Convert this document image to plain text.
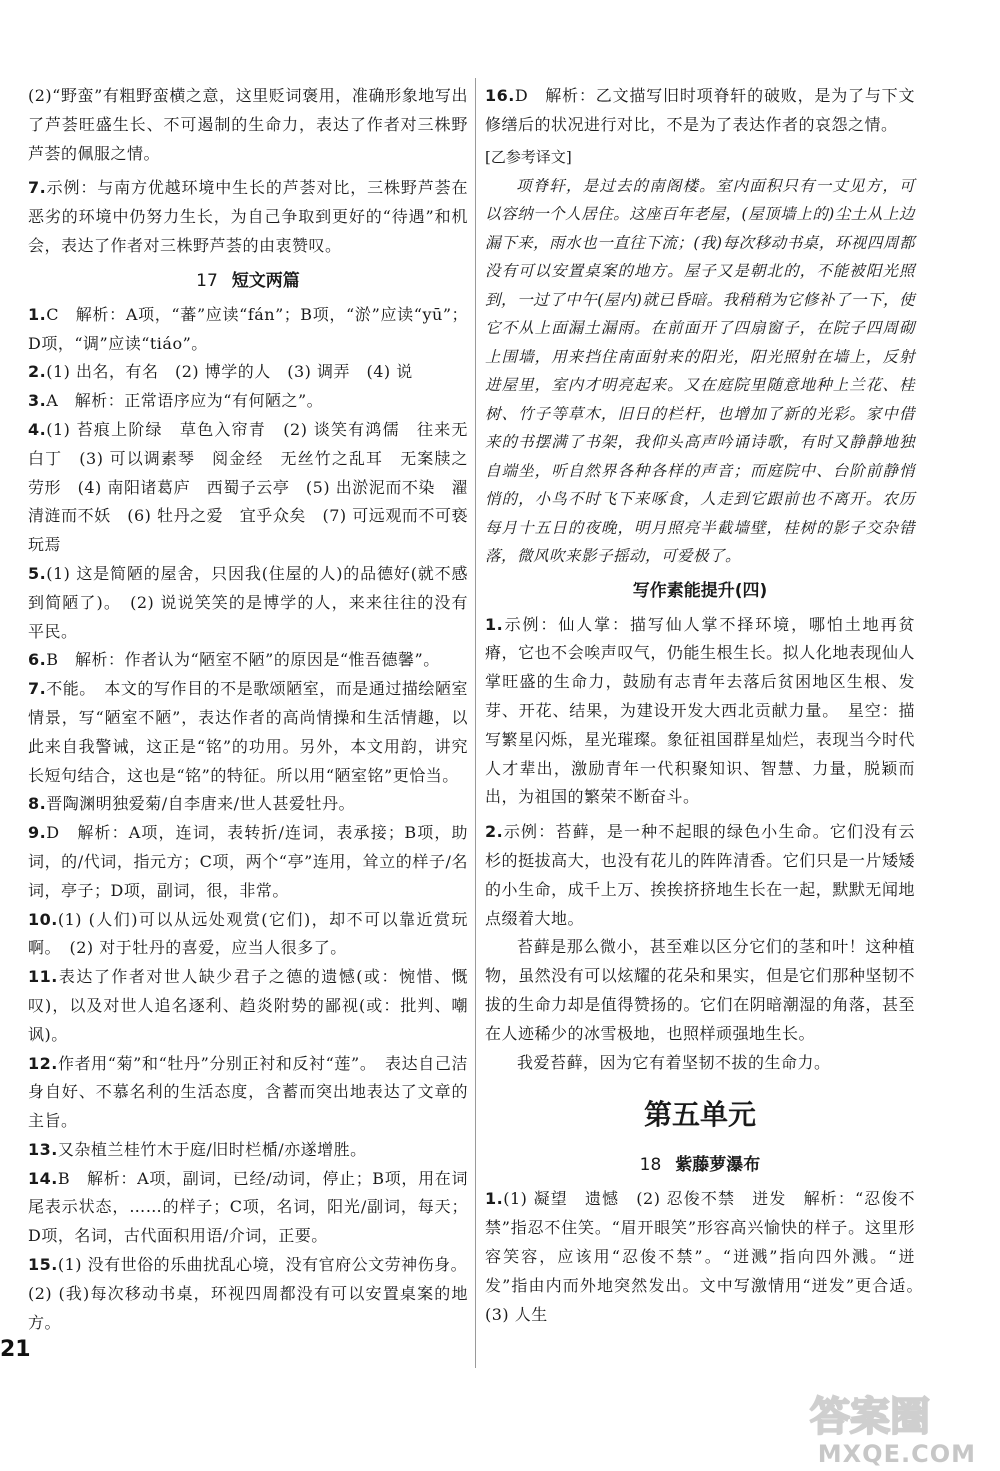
(2)“野蛮”有粗野蛮横之意，这里贬词褒用，准确形象地写出了芦荟旺盛生长、不可遏制的生命力，表达了作者对三株野芦荟的佩服之情。

7.示例：与南方优越环境中生长的芦荟对比，三株野芦荟在恶劣的环境中仍努力生长，为自己争取到更好的“待遇”和机会，表达了作者对三株野芦荟的由衷赞叹。

17 短文两篇

1.C　解析：A项，“蕃”应读“fán”；B项，“淤”应读“yū”；D项，“调”应读“tiáo”。

2.(1) 出名，有名　(2) 博学的人　(3) 调弄　(4) 说

3.A　解析：正常语序应为“有何陋之”。

4.(1) 苔痕上阶绿　草色入帘青　(2) 谈笑有鸿儒　往来无白丁　(3) 可以调素琴　阅金经　无丝竹之乱耳　无案牍之劳形　(4) 南阳诸葛庐　西蜀子云亭　(5) 出淤泥而不染　濯清涟而不妖　(6) 牡丹之爱　宜乎众矣　(7) 可远观而不可亵玩焉

5.(1) 这是简陋的屋舍，只因我(住屋的人)的品德好(就不感到简陋了)。　(2) 说说笑笑的是博学的人，来来往往的没有平民。

6.B　解析：作者认为“陋室不陋”的原因是“惟吾德馨”。

7.不能。　本文的写作目的不是歌颂陋室，而是通过描绘陋室情景，写“陋室不陋”，表达作者的高尚情操和生活情趣，以此来自我警诫，这正是“铭”的功用。另外，本文用韵，讲究长短句结合，这也是“铭”的特征。所以用“陋室铭”更恰当。

8.晋陶渊明独爱菊/自李唐来/世人甚爱牡丹。

9.D　解析：A项，连词，表转折/连词，表承接；B项，助词，的/代词，指元方；C项，两个“亭”连用，耸立的样子/名词，亭子；D项，副词，很，非常。

10.(1) (人们)可以从远处观赏(它们)，却不可以靠近赏玩啊。　(2) 对于牡丹的喜爱，应当人很多了。

11.表达了作者对世人缺少君子之德的遗憾(或：惋惜、慨叹)，以及对世人追名逐利、趋炎附势的鄙视(或：批判、嘲讽)。

12.作者用“菊”和“牡丹”分别正衬和反衬“莲”。　表达自己洁身自好、不慕名利的生活态度，含蓄而突出地表达了文章的主旨。

13.又杂植兰桂竹木于庭/旧时栏楯/亦遂增胜。

14.B　解析：A项，副词，已经/动词，停止；B项，用在词尾表示状态，……的样子；C项，名词，阳光/副词，每天；D项，名词，古代面积用语/介词，正要。

15.(1) 没有世俗的乐曲扰乱心境，没有官府公文劳神伤身。

(2) (我)每次移动书桌，环视四周都没有可以安置桌案的地方。

16.D　解析：乙文描写旧时项脊轩的破败，是为了与下文修缮后的状况进行对比，不是为了表达作者的哀怨之情。

[乙参考译文]

项脊轩，是过去的南阁楼。室内面积只有一丈见方，可以容纳一个人居住。这座百年老屋，(屋顶墙上的)尘土从上边漏下来，雨水也一直往下流；(我)每次移动书桌，环视四周都没有可以安置桌案的地方。屋子又是朝北的，不能被阳光照到，一过了中午(屋内)就已昏暗。我稍稍为它修补了一下，使它不从上面漏土漏雨。在前面开了四扇窗子，在院子四周砌上围墙，用来挡住南面射来的阳光，阳光照射在墙上，反射进屋里，室内才明亮起来。又在庭院里随意地种上兰花、桂树、竹子等草木，旧日的栏杆，也增加了新的光彩。家中借来的书摆满了书架，我仰头高声吟诵诗歌，有时又静静地独自端坐，听自然界各种各样的声音；而庭院中、台阶前静悄悄的，小鸟不时飞下来啄食，人走到它跟前也不离开。农历每月十五日的夜晚，明月照亮半截墙壁，桂树的影子交杂错落，微风吹来影子摇动，可爱极了。

写作素能提升(四)

1.示例：仙人掌：描写仙人掌不择环境，哪怕土地再贫瘠，它也不会唉声叹气，仍能生根生长。拟人化地表现仙人掌旺盛的生命力，鼓励有志青年去落后贫困地区生根、发芽、开花、结果，为建设开发大西北贡献力量。　星空：描写繁星闪烁，星光璀璨。象征祖国群星灿烂，表现当今时代人才辈出，激励青年一代积聚知识、智慧、力量，脱颖而出，为祖国的繁荣不断奋斗。

2.示例：苔藓，是一种不起眼的绿色小生命。它们没有云杉的挺拔高大，也没有花儿的阵阵清香。它们只是一片矮矮的小生命，成千上万、挨挨挤挤地生长在一起，默默无闻地点缀着大地。

苔藓是那么微小，甚至难以区分它们的茎和叶！这种植物，虽然没有可以炫耀的花朵和果实，但是它们那种坚韧不拔的生命力却是值得赞扬的。它们在阴暗潮湿的角落，甚至在人迹稀少的冰雪极地，也照样顽强地生长。

我爱苔藓，因为它有着坚韧不拔的生命力。

第五单元
18 紫藤萝瀑布

1.(1) 凝望　遗憾　(2) 忍俊不禁　迸发　解析：“忍俊不禁”指忍不住笑。“眉开眼笑”形容高兴愉快的样子。这里形容笑容，应该用“忍俊不禁”。“迸溅”指向四外溅。“迸发”指由内而外地突然发出。文中写激情用“迸发”更合适。　(3) 人生

21
答案圈
MXQE.COM
